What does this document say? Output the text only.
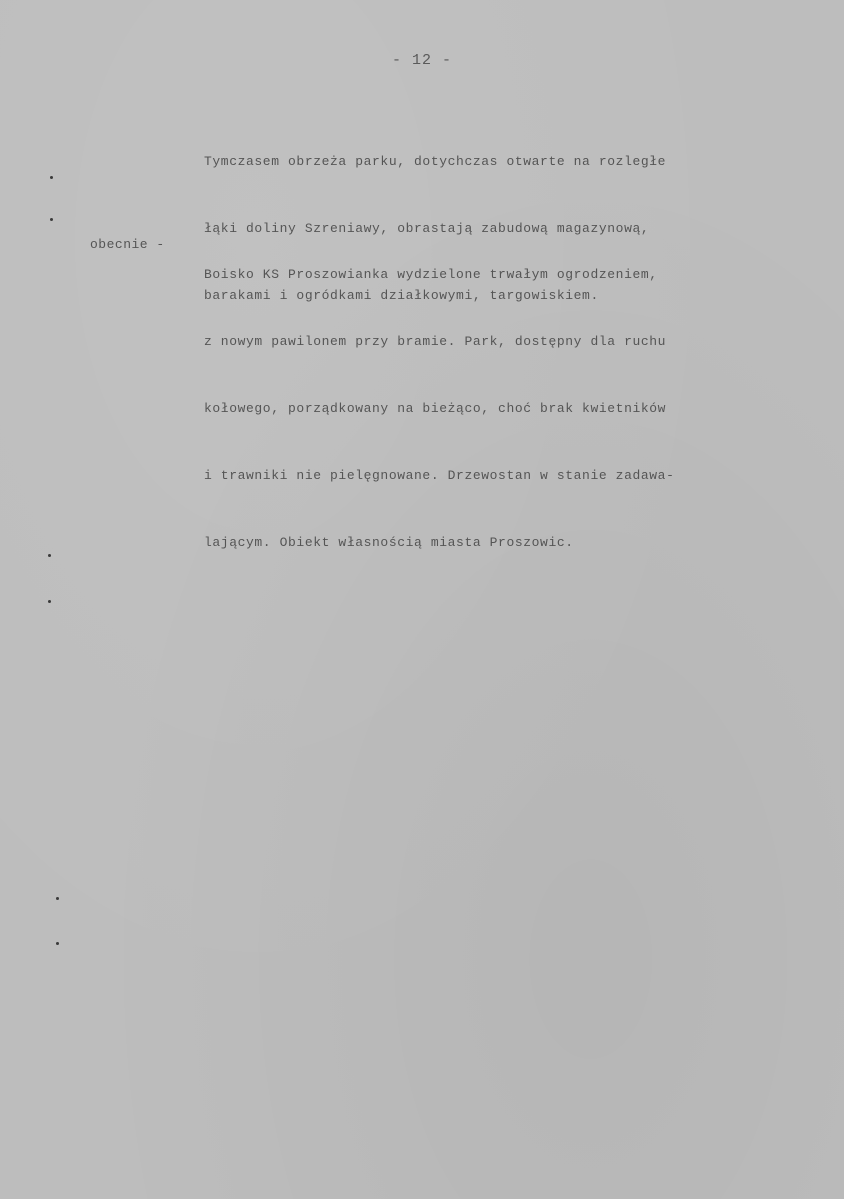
- 12 -

Tymczasem obrzeża parku, dotychczas otwarte na rozległe

łąki doliny Szreniawy, obrastają zabudową magazynową,

barakami i ogródkami działkowymi, targowiskiem.

obecnie -

Boisko KS Proszowianka wydzielone trwałym ogrodzeniem,

z nowym pawilonem przy bramie. Park, dostępny dla ruchu

kołowego, porządkowany na bieżąco, choć brak kwietników

i trawniki nie pielęgnowane. Drzewostan w stanie zadawa-

lającym. Obiekt własnością miasta Proszowic.
